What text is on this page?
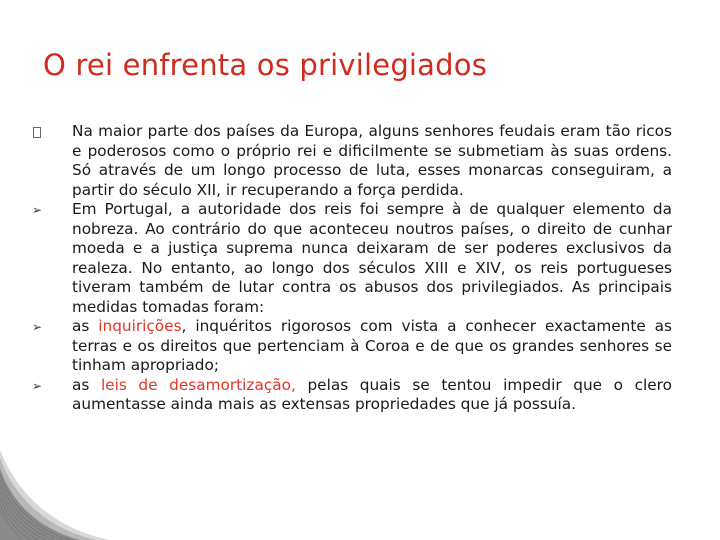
O rei enfrenta os privilegiados
Na maior parte dos países da Europa, alguns senhores feudais eram tão ricos e poderosos como o próprio rei e dificilmente se submetiam às suas ordens. Só através de um longo processo de luta, esses monarcas conseguiram, a partir do século XII, ir recuperando a força perdida.
➢ Em Portugal, a autoridade dos reis foi sempre à de qualquer elemento da nobreza. Ao contrário do que aconteceu noutros países, o direito de cunhar moeda e a justiça suprema nunca deixaram de ser poderes exclusivos da realeza. No entanto, ao longo dos séculos XIII e XIV, os reis portugueses tiveram também de lutar contra os abusos dos privilegiados. As principais medidas tomadas foram:
➢ as inquirições, inquéritos rigorosos com vista a conhecer exactamente as terras e os direitos que pertenciam à Coroa e de que os grandes senhores se tinham apropriado;
➢ as leis de desamortização, pelas quais se tentou impedir que o clero aumentasse ainda mais as extensas propriedades que já possuía.
